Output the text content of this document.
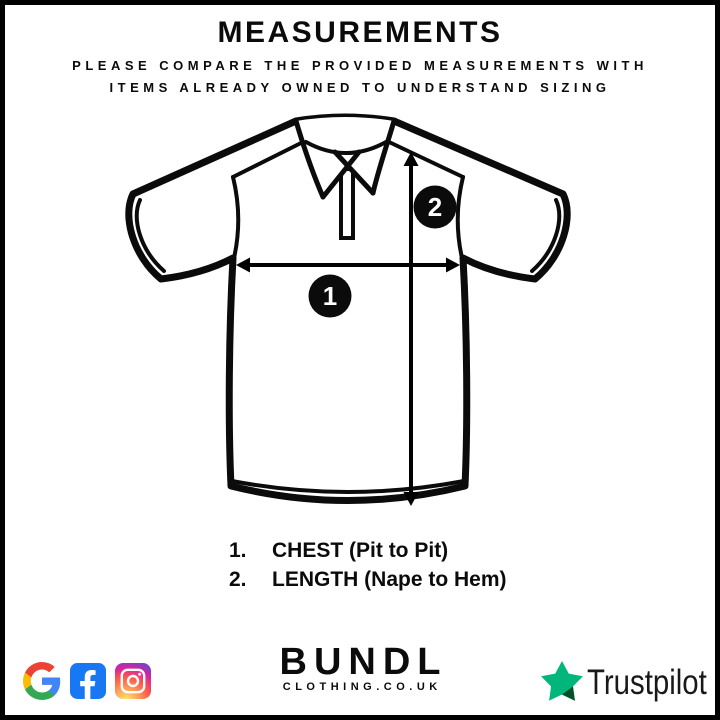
MEASUREMENTS
PLEASE COMPARE THE PROVIDED MEASUREMENTS WITH
ITEMS ALREADY OWNED TO UNDERSTAND SIZING
1
2
1. CHEST (Pit to Pit)
2. LENGTH (Nape to Hem)
BUNDL
CLOTHING.CO.UK	Trustpilot
